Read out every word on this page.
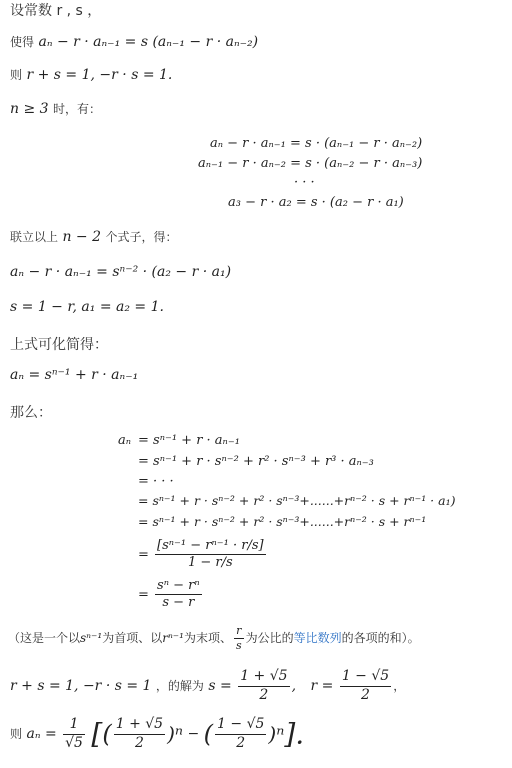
设常数 r , s ，
使得 aₙ − r · aₙ₋₁ = s (aₙ₋₁ − r · aₙ₋₂)
则 r + s = 1, −r · s = 1.
n ≥ 3 时，有：
aₙ − r · aₙ₋₁ = s · (aₙ₋₁ − r · aₙ₋₂)
aₙ₋₁ − r · aₙ₋₂ = s · (aₙ₋₂ − r · aₙ₋₃)
· · ·
a₃ − r · a₂ = s · (a₂ − r · a₁)
联立以上 n − 2 个式子，得：
aₙ − r · aₙ₋₁ = sⁿ⁻² · (a₂ − r · a₁)
s = 1 − r, a₁ = a₂ = 1.
上式可化简得：
aₙ = sⁿ⁻¹ + r · aₙ₋₁
那么：
aₙ = sⁿ⁻¹ + r · aₙ₋₁
= sⁿ⁻¹ + r · sⁿ⁻² + r² · sⁿ⁻³ + r³ · aₙ₋₃
= · · ·
= sⁿ⁻¹ + r · sⁿ⁻² + r² · sⁿ⁻³+......+rⁿ⁻² · s + rⁿ⁻¹ · a₁)
= sⁿ⁻¹ + r · sⁿ⁻² + r² · sⁿ⁻³+......+rⁿ⁻² · s + rⁿ⁻¹
= $\frac{\text{[sⁿ⁻¹ − rⁿ⁻¹ · r/s]}}{1 - r/s}$
= $\frac{\text{sⁿ − rⁿ}}{s - r}$
（这是一个以sⁿ⁻¹为首项、以rⁿ⁻¹为末项、 $\frac{r}{s}$ 为公比的等比数列的各项的和）。
r + s = 1, −r · s = 1 ，的解为 $s = \frac{1 + √5}{2}$ , $r = \frac{1 - √5}{2}$ ，
则 $a_n = \frac{1}{√5}$ [( $\frac{1 + √5}{2} )^n$ − ( $\frac{1 - √5}{2} )^n$].
